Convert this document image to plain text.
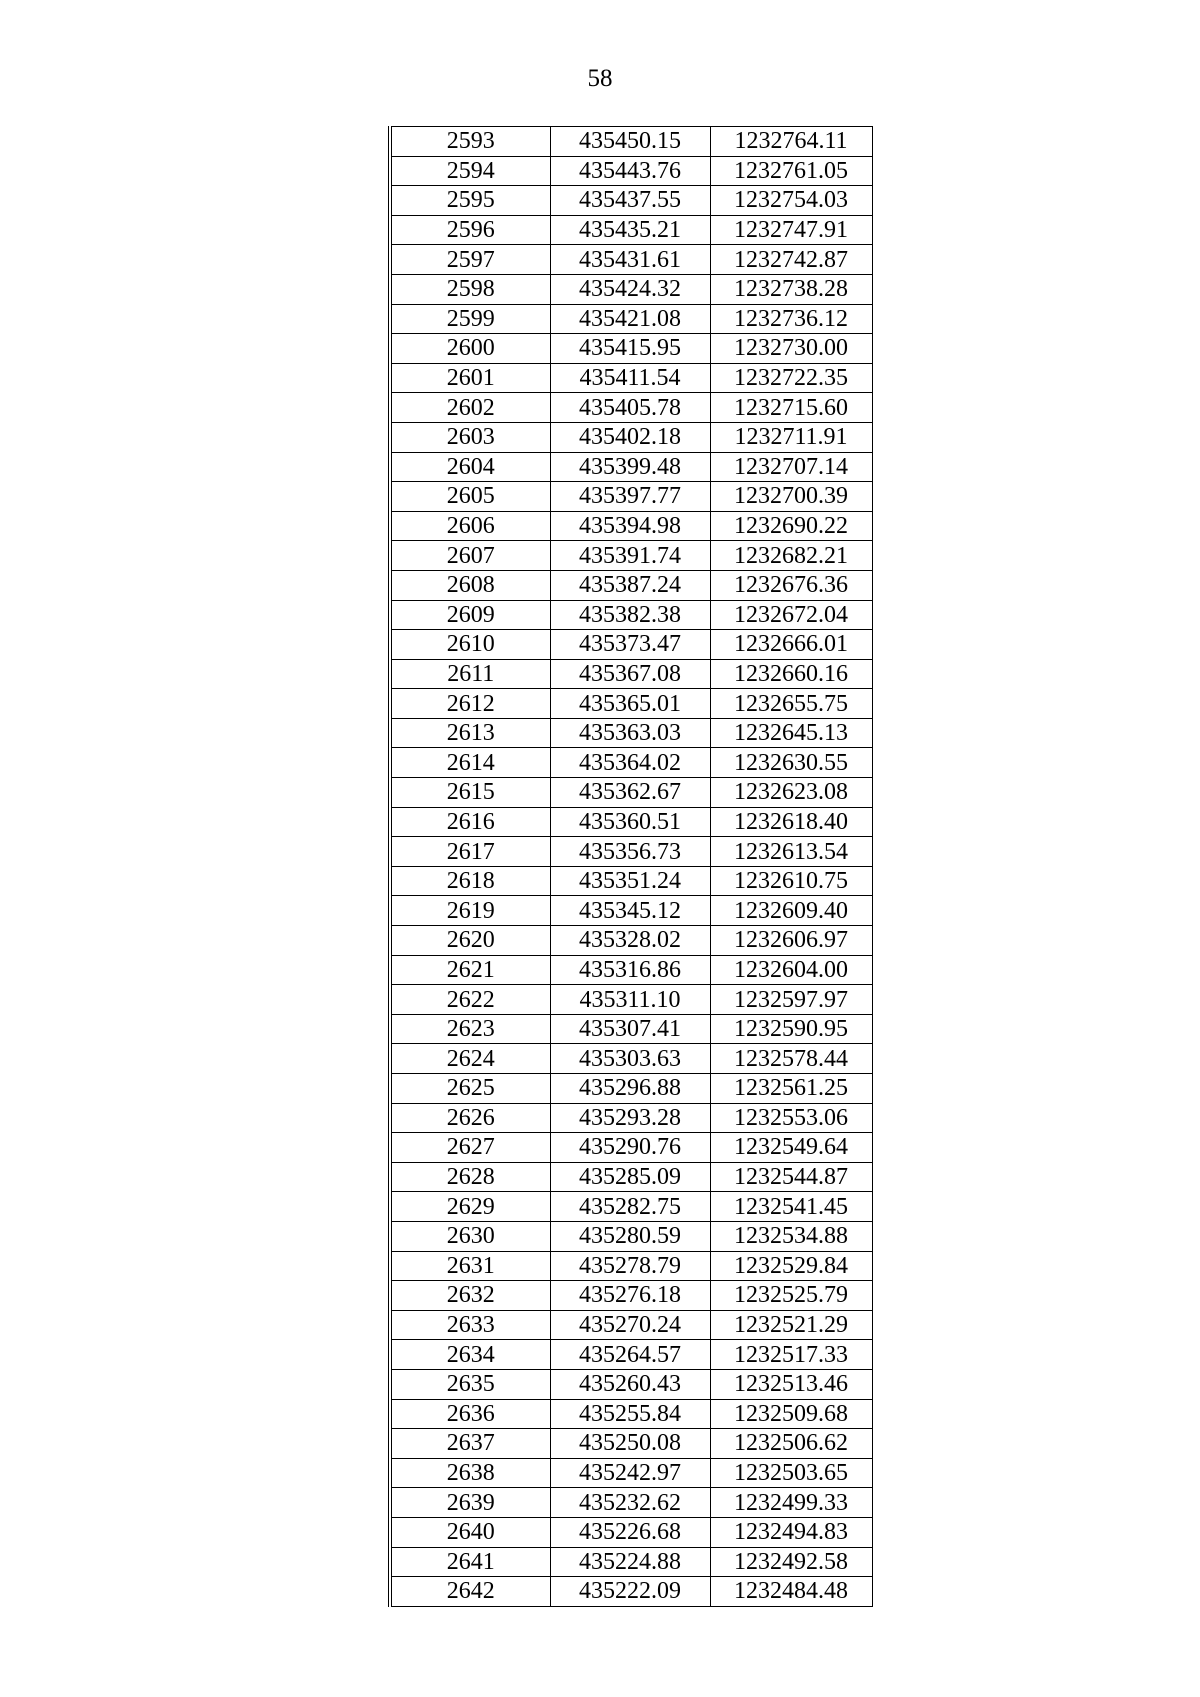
58
2593	435450.15	1232764.11
2594	435443.76	1232761.05
2595	435437.55	1232754.03
2596	435435.21	1232747.91
2597	435431.61	1232742.87
2598	435424.32	1232738.28
2599	435421.08	1232736.12
2600	435415.95	1232730.00
2601	435411.54	1232722.35
2602	435405.78	1232715.60
2603	435402.18	1232711.91
2604	435399.48	1232707.14
2605	435397.77	1232700.39
2606	435394.98	1232690.22
2607	435391.74	1232682.21
2608	435387.24	1232676.36
2609	435382.38	1232672.04
2610	435373.47	1232666.01
2611	435367.08	1232660.16
2612	435365.01	1232655.75
2613	435363.03	1232645.13
2614	435364.02	1232630.55
2615	435362.67	1232623.08
2616	435360.51	1232618.40
2617	435356.73	1232613.54
2618	435351.24	1232610.75
2619	435345.12	1232609.40
2620	435328.02	1232606.97
2621	435316.86	1232604.00
2622	435311.10	1232597.97
2623	435307.41	1232590.95
2624	435303.63	1232578.44
2625	435296.88	1232561.25
2626	435293.28	1232553.06
2627	435290.76	1232549.64
2628	435285.09	1232544.87
2629	435282.75	1232541.45
2630	435280.59	1232534.88
2631	435278.79	1232529.84
2632	435276.18	1232525.79
2633	435270.24	1232521.29
2634	435264.57	1232517.33
2635	435260.43	1232513.46
2636	435255.84	1232509.68
2637	435250.08	1232506.62
2638	435242.97	1232503.65
2639	435232.62	1232499.33
2640	435226.68	1232494.83
2641	435224.88	1232492.58
2642	435222.09	1232484.48
